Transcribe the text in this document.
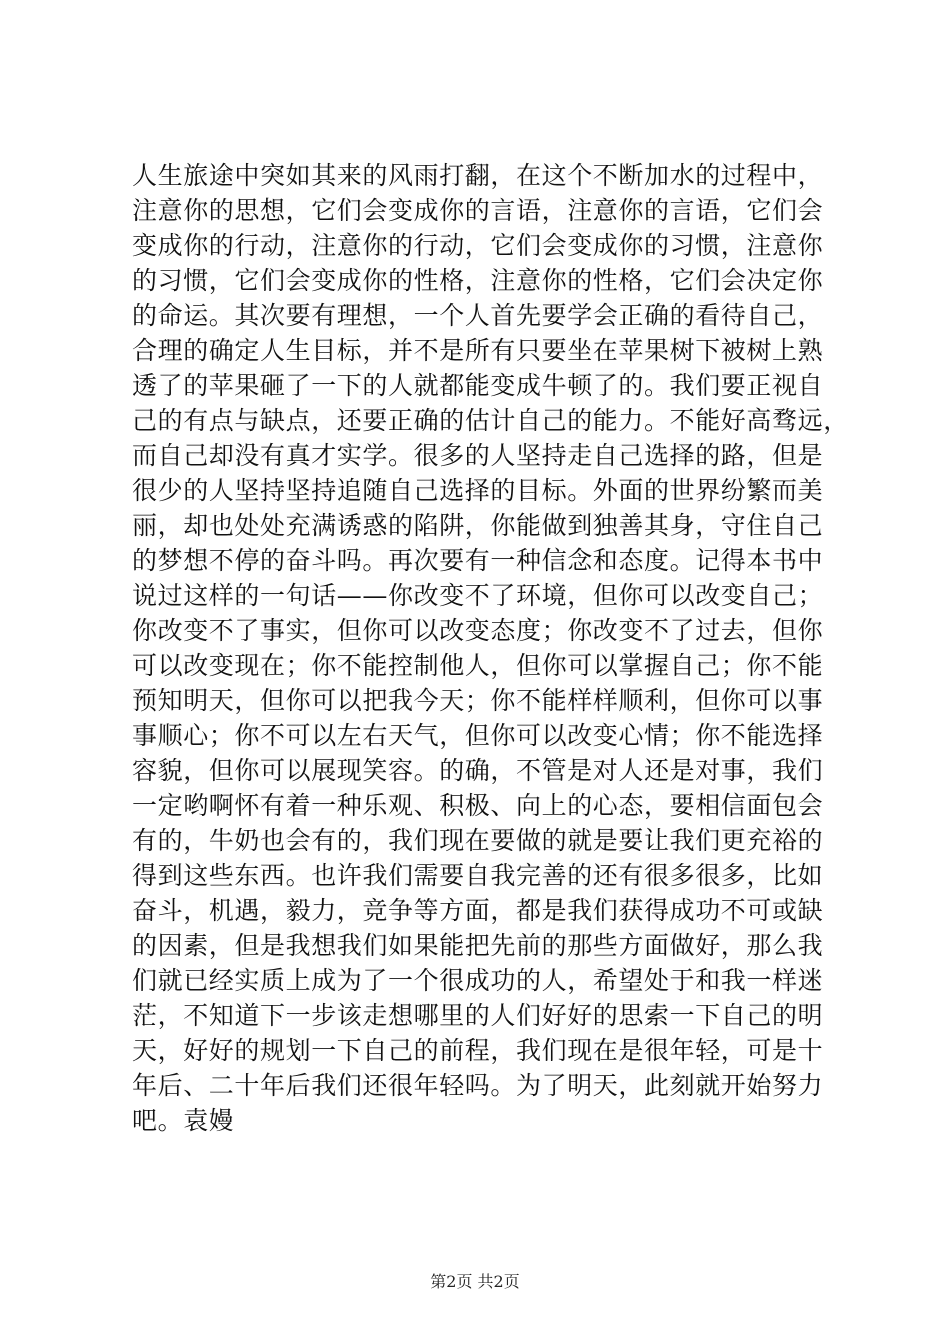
人生旅途中突如其来的风雨打翻，在这个不断加水的过程中，
注意你的思想，它们会变成你的言语，注意你的言语，它们会
变成你的行动，注意你的行动，它们会变成你的习惯，注意你
的习惯，它们会变成你的性格，注意你的性格，它们会决定你
的命运。其次要有理想，一个人首先要学会正确的看待自己，
合理的确定人生目标，并不是所有只要坐在苹果树下被树上熟
透了的苹果砸了一下的人就都能变成牛顿了的。我们要正视自
己的有点与缺点，还要正确的估计自己的能力。不能好高骛远，
而自己却没有真才实学。很多的人坚持走自己选择的路，但是
很少的人坚持坚持追随自己选择的目标。外面的世界纷繁而美
丽，却也处处充满诱惑的陷阱，你能做到独善其身，守住自己
的梦想不停的奋斗吗。再次要有一种信念和态度。记得本书中
说过这样的一句话——你改变不了环境，但你可以改变自己；
你改变不了事实，但你可以改变态度；你改变不了过去，但你
可以改变现在；你不能控制他人，但你可以掌握自己；你不能
预知明天，但你可以把我今天；你不能样样顺利，但你可以事
事顺心；你不可以左右天气，但你可以改变心情；你不能选择
容貌，但你可以展现笑容。的确，不管是对人还是对事，我们
一定哟啊怀有着一种乐观、积极、向上的心态，要相信面包会
有的，牛奶也会有的，我们现在要做的就是要让我们更充裕的
得到这些东西。也许我们需要自我完善的还有很多很多，比如
奋斗，机遇，毅力，竞争等方面，都是我们获得成功不可或缺
的因素，但是我想我们如果能把先前的那些方面做好，那么我
们就已经实质上成为了一个很成功的人，希望处于和我一样迷
茫，不知道下一步该走想哪里的人们好好的思索一下自己的明
天，好好的规划一下自己的前程，我们现在是很年轻，可是十
年后、二十年后我们还很年轻吗。为了明天，此刻就开始努力
吧。袁嫚
第2页 共2页
